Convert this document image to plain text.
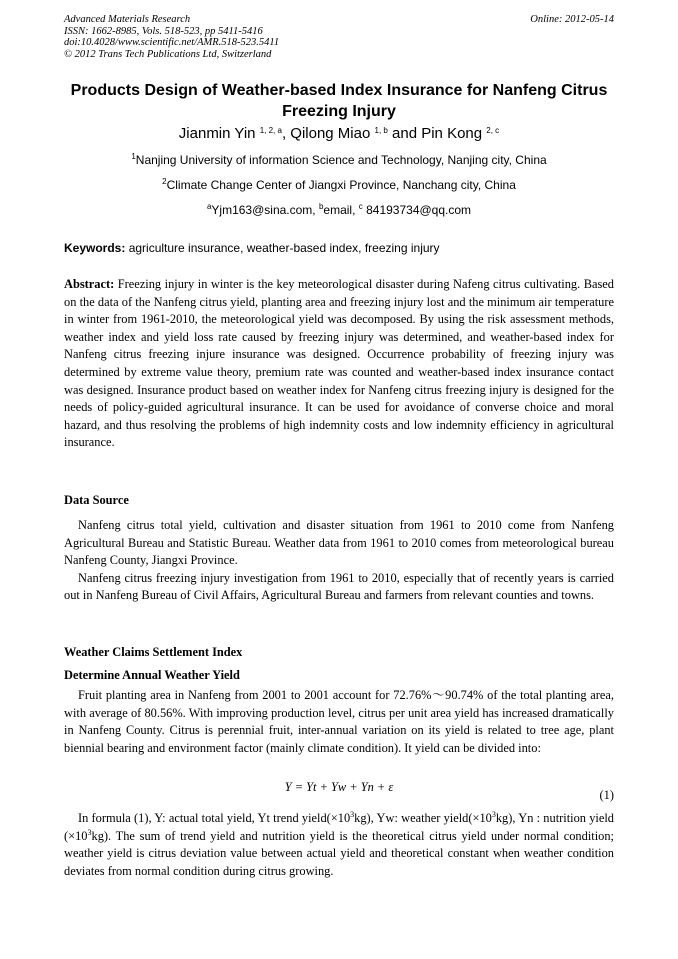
Advanced Materials Research
ISSN: 1662-8985, Vols. 518-523, pp 5411-5416
doi:10.4028/www.scientific.net/AMR.518-523.5411
© 2012 Trans Tech Publications Ltd, Switzerland
Online: 2012-05-14
Products Design of Weather-based Index Insurance for Nanfeng Citrus Freezing Injury
Jianmin Yin $^{1, 2, a}$, Qilong Miao $^{1, b}$ and Pin Kong $^{2, c}$
$^1$Nanjing University of information Science and Technology, Nanjing city, China
$^2$Climate Change Center of Jiangxi Province, Nanchang city, China
$^a$Yjm163@sina.com, $^b$email, $^c$ 84193734@qq.com
Keywords: agriculture insurance, weather-based index, freezing injury

Abstract: Freezing injury in winter is the key meteorological disaster during Nafeng citrus cultivating. Based on the data of the Nanfeng citrus yield, planting area and freezing injury lost and the minimum air temperature in winter from 1961-2010, the meteorological yield was decomposed. By using the risk assessment methods, weather index and yield loss rate caused by freezing injury was determined, and weather-based index for Nanfeng citrus freezing injure insurance was designed. Occurrence probability of freezing injury was determined by extreme value theory, premium rate was counted and weather-based index insurance contact was designed. Insurance product based on weather index for Nanfeng citrus freezing injury is designed for the needs of policy-guided agricultural insurance. It can be used for avoidance of converse choice and moral hazard, and thus resolving the problems of high indemnity costs and low indemnity efficiency in agricultural insurance.

Data Source

Nanfeng citrus total yield, cultivation and disaster situation from 1961 to 2010 come from Nanfeng Agricultural Bureau and Statistic Bureau. Weather data from 1961 to 2010 comes from meteorological bureau Nanfeng County, Jiangxi Province.

Nanfeng citrus freezing injury investigation from 1961 to 2010, especially that of recently years is carried out in Nanfeng Bureau of Civil Affairs, Agricultural Bureau and farmers from relevant counties and towns.

Weather Claims Settlement Index
Determine Annual Weather Yield

Fruit planting area in Nanfeng from 2001 to 2001 account for 72.76%～90.74% of the total planting area, with average of 80.56%. With improving production level, citrus per unit area yield has increased dramatically in Nanfeng County. Citrus is perennial fruit, inter-annual variation on its yield is related to tree age, plant biennial bearing and environment factor (mainly climate condition). It yield can be divided into:

Y = Yt + Yw + Yn + ε
(1)

In formula (1), Y: actual total yield, Yt trend $yield(\times 10^3kg)$, Yw: weather $yield(\times 10^3kg)$, Yn : nutrition yield $(\times 10^3kg)$. The sum of trend yield and nutrition yield is the theoretical citrus yield under normal condition; weather yield is citrus deviation value between actual yield and theoretical constant when weather condition deviates from normal condition during citrus growing.
